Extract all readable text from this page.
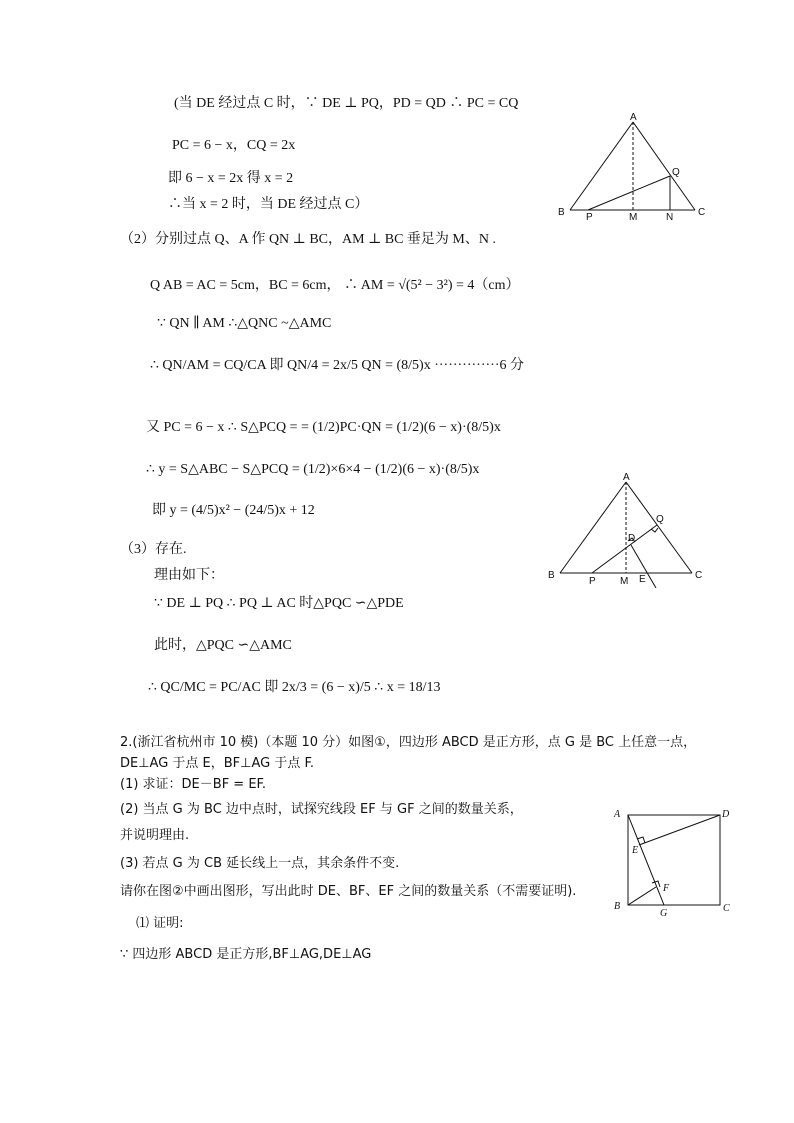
(当 DE 经过点 C 时，∵ DE ⊥ PQ，PD = QD ∴ PC = CQ
PC = 6 − x，CQ = 2x
即 6 − x = 2x 得 x = 2
∴当 x = 2 时，当 DE 经过点 C）
（2）分别过点 Q、A 作 QN ⊥ BC，AM ⊥ BC 垂足为 M、N .
Q AB = AC = 5cm，BC = 6cm， ∴ AM = √(5² − 3²) = 4（cm）
∵ QN ∥ AM ∴△QNC ~△AMC
∴ QN/AM = CQ/CA 即 QN/4 = 2x/5 QN = (8/5)x ··············6 分
又 PC = 6 − x ∴ S△PCQ = = (1/2)PC·QN = (1/2)(6 − x)·(8/5)x
∴ y = S△ABC − S△PCQ = (1/2)×6×4 − (1/2)(6 − x)·(8/5)x
即 y = (4/5)x² − (24/5)x + 12
（3）存在.
理由如下：
∵ DE ⊥ PQ ∴ PQ ⊥ AC 时△PQC ∽△PDE
此时，△PQC ∽△AMC
∴ QC/MC = PC/AC 即 2x/3 = (6 − x)/5 ∴ x = 18/13
2.(浙江省杭州市 10 模)（本题 10 分）如图①，四边形 ABCD 是正方形，点 G 是 BC 上任意一点，
DE⊥AG 于点 E，BF⊥AG 于点 F.
(1) 求证：DE－BF = EF.
(2) 当点 G 为 BC 边中点时，试探究线段 EF 与 GF 之间的数量关系，
并说明理由.
(3) 若点 G 为 CB 延长线上一点，其余条件不变.
请你在图②中画出图形，写出此时 DE、BF、EF 之间的数量关系（不需要证明).
⑴ 证明:
∵ 四边形 ABCD 是正方形,BF⊥AG,DE⊥AG
A
B	C
P	M	N
Q
A
B	C
P M E
D
Q
A	D
B	C
E
F
G
